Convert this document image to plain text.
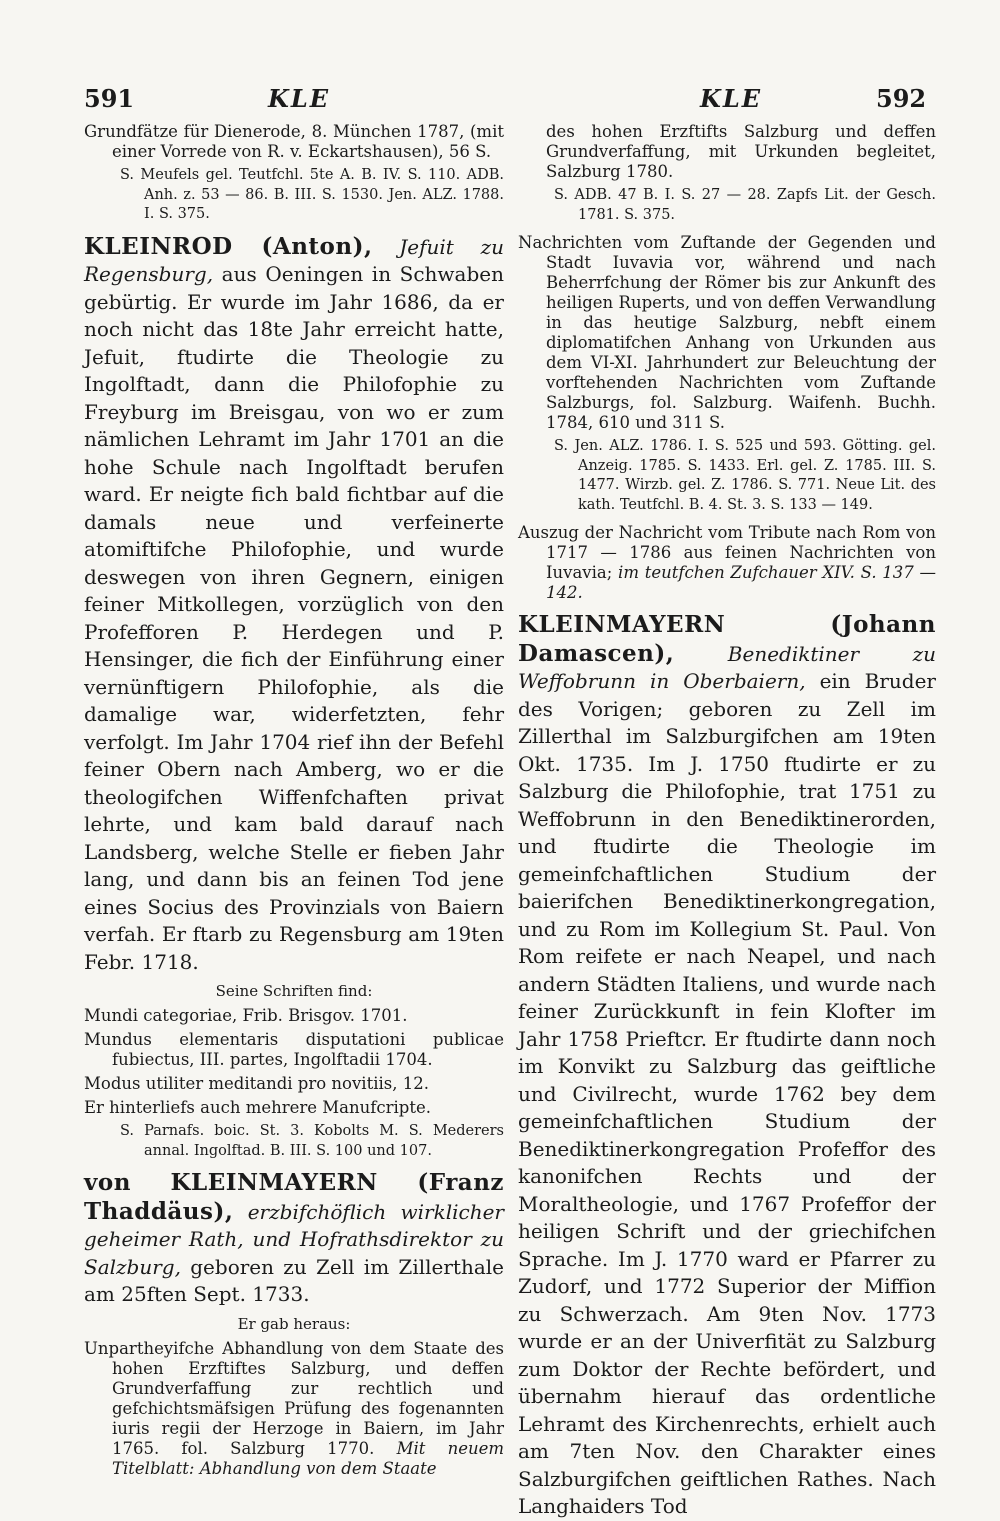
591	KLE	KLE	592

Grundfätze für Dienerode, 8. München 1787, (mit einer Vorrede von R. v. Eckartshausen), 56 S.

S. Meufels gel. Teutfchl. 5te A. B. IV. S. 110. ADB. Anh. z. 53 — 86. B. III. S. 1530. Jen. ALZ. 1788. I. S. 375.

KLEINROD (Anton), Jefuit zu Regensburg, aus Oeningen in Schwaben gebürtig. Er wurde im Jahr 1686, da er noch nicht das 18te Jahr erreicht hatte, Jefuit, ftudirte die Theologie zu Ingolftadt, dann die Philofophie zu Freyburg im Breisgau, von wo er zum nämlichen Lehramt im Jahr 1701 an die hohe Schule nach Ingolftadt berufen ward. Er neigte fich bald fichtbar auf die damals neue und verfeinerte atomiftifche Philofophie, und wurde deswegen von ihren Gegnern, einigen feiner Mitkollegen, vorzüglich von den Profefforen P. Herdegen und P. Hensinger, die fich der Einführung einer vernünftigern Philofophie, als die damalige war, widerfetzten, fehr verfolgt. Im Jahr 1704 rief ihn der Befehl feiner Obern nach Amberg, wo er die theologifchen Wiffenfchaften privat lehrte, und kam bald darauf nach Landsberg, welche Stelle er fieben Jahr lang, und dann bis an feinen Tod jene eines Socius des Provinzials von Baiern verfah. Er ftarb zu Regensburg am 19ten Febr. 1718.

Seine Schriften find:

Mundi categoriae, Frib. Brisgov. 1701.

Mundus elementaris disputationi publicae fubiectus, III. partes, Ingolftadii 1704.

Modus utiliter meditandi pro novitiis, 12.

Er hinterliefs auch mehrere Manufcripte.

S. Parnafs. boic. St. 3. Kobolts M. S. Mederers annal. Ingolftad. B. III. S. 100 und 107.

von KLEINMAYERN (Franz Thaddäus), erzbifchöflich wirklicher geheimer Rath, und Hofrathsdirektor zu Salzburg, geboren zu Zell im Zillerthale am 25ften Sept. 1733.

Er gab heraus:

Unpartheyifche Abhandlung von dem Staate des hohen Erzftiftes Salzburg, und deffen Grundverfaffung zur rechtlich und gefchichtsmäfsigen Prüfung des fogenannten iuris regii der Herzoge in Baiern, im Jahr 1765. fol. Salzburg 1770. Mit neuem Titelblatt: Abhandlung von dem Staate

des hohen Erzftifts Salzburg und deffen Grundverfaffung, mit Urkunden begleitet, Salzburg 1780.

S. ADB. 47 B. I. S. 27 — 28. Zapfs Lit. der Gesch. 1781. S. 375.

Nachrichten vom Zuftande der Gegenden und Stadt Iuvavia vor, während und nach Beherrfchung der Römer bis zur Ankunft des heiligen Ruperts, und von deffen Verwandlung in das heutige Salzburg, nebft einem diplomatifchen Anhang von Urkunden aus dem VI-XI. Jahrhundert zur Beleuchtung der vorftehenden Nachrichten vom Zuftande Salzburgs, fol. Salzburg. Waifenh. Buchh. 1784, 610 und 311 S.

S. Jen. ALZ. 1786. I. S. 525 und 593. Götting. gel. Anzeig. 1785. S. 1433. Erl. gel. Z. 1785. III. S. 1477. Wirzb. gel. Z. 1786. S. 771. Neue Lit. des kath. Teutfchl. B. 4. St. 3. S. 133 — 149.

Auszug der Nachricht vom Tribute nach Rom von 1717 — 1786 aus feinen Nachrichten von Iuvavia; im teutfchen Zufchauer XIV. S. 137 — 142.

KLEINMAYERN (Johann Damascen),	Benediktiner zu Weffobrunn in Oberbaiern, ein Bruder des Vorigen; geboren zu Zell im Zillerthal im Salzburgifchen am 19ten Okt. 1735. Im J. 1750 ftudirte er zu Salzburg die Philofophie, trat 1751 zu Weffobrunn in den Benediktinerorden, und ftudirte die Theologie im gemeinfchaftlichen Studium der baierifchen Benediktinerkongregation, und zu Rom im Kollegium St. Paul. Von Rom reifete er nach Neapel, und nach andern Städten Italiens, und wurde nach feiner Zurückkunft in fein Klofter im Jahr 1758 Prieftcr. Er ftudirte dann noch im Konvikt zu Salzburg das geiftliche und Civilrecht, wurde 1762 bey dem gemeinfchaftlichen Studium der Benediktinerkongregation Profeffor des kanonifchen Rechts und der Moraltheologie, und 1767 Profeffor der heiligen Schrift und der griechifchen Sprache. Im J. 1770 ward er Pfarrer zu Zudorf, und 1772 Superior der Miffion zu Schwerzach. Am 9ten Nov. 1773 wurde er an der Univerfität zu Salzburg zum Doktor der Rechte befördert, und übernahm hierauf das ordentliche Lehramt des Kirchenrechts, erhielt auch am 7ten Nov. den Charakter eines Salzburgifchen geiftlichen Rathes. Nach Langhaiders Tod
